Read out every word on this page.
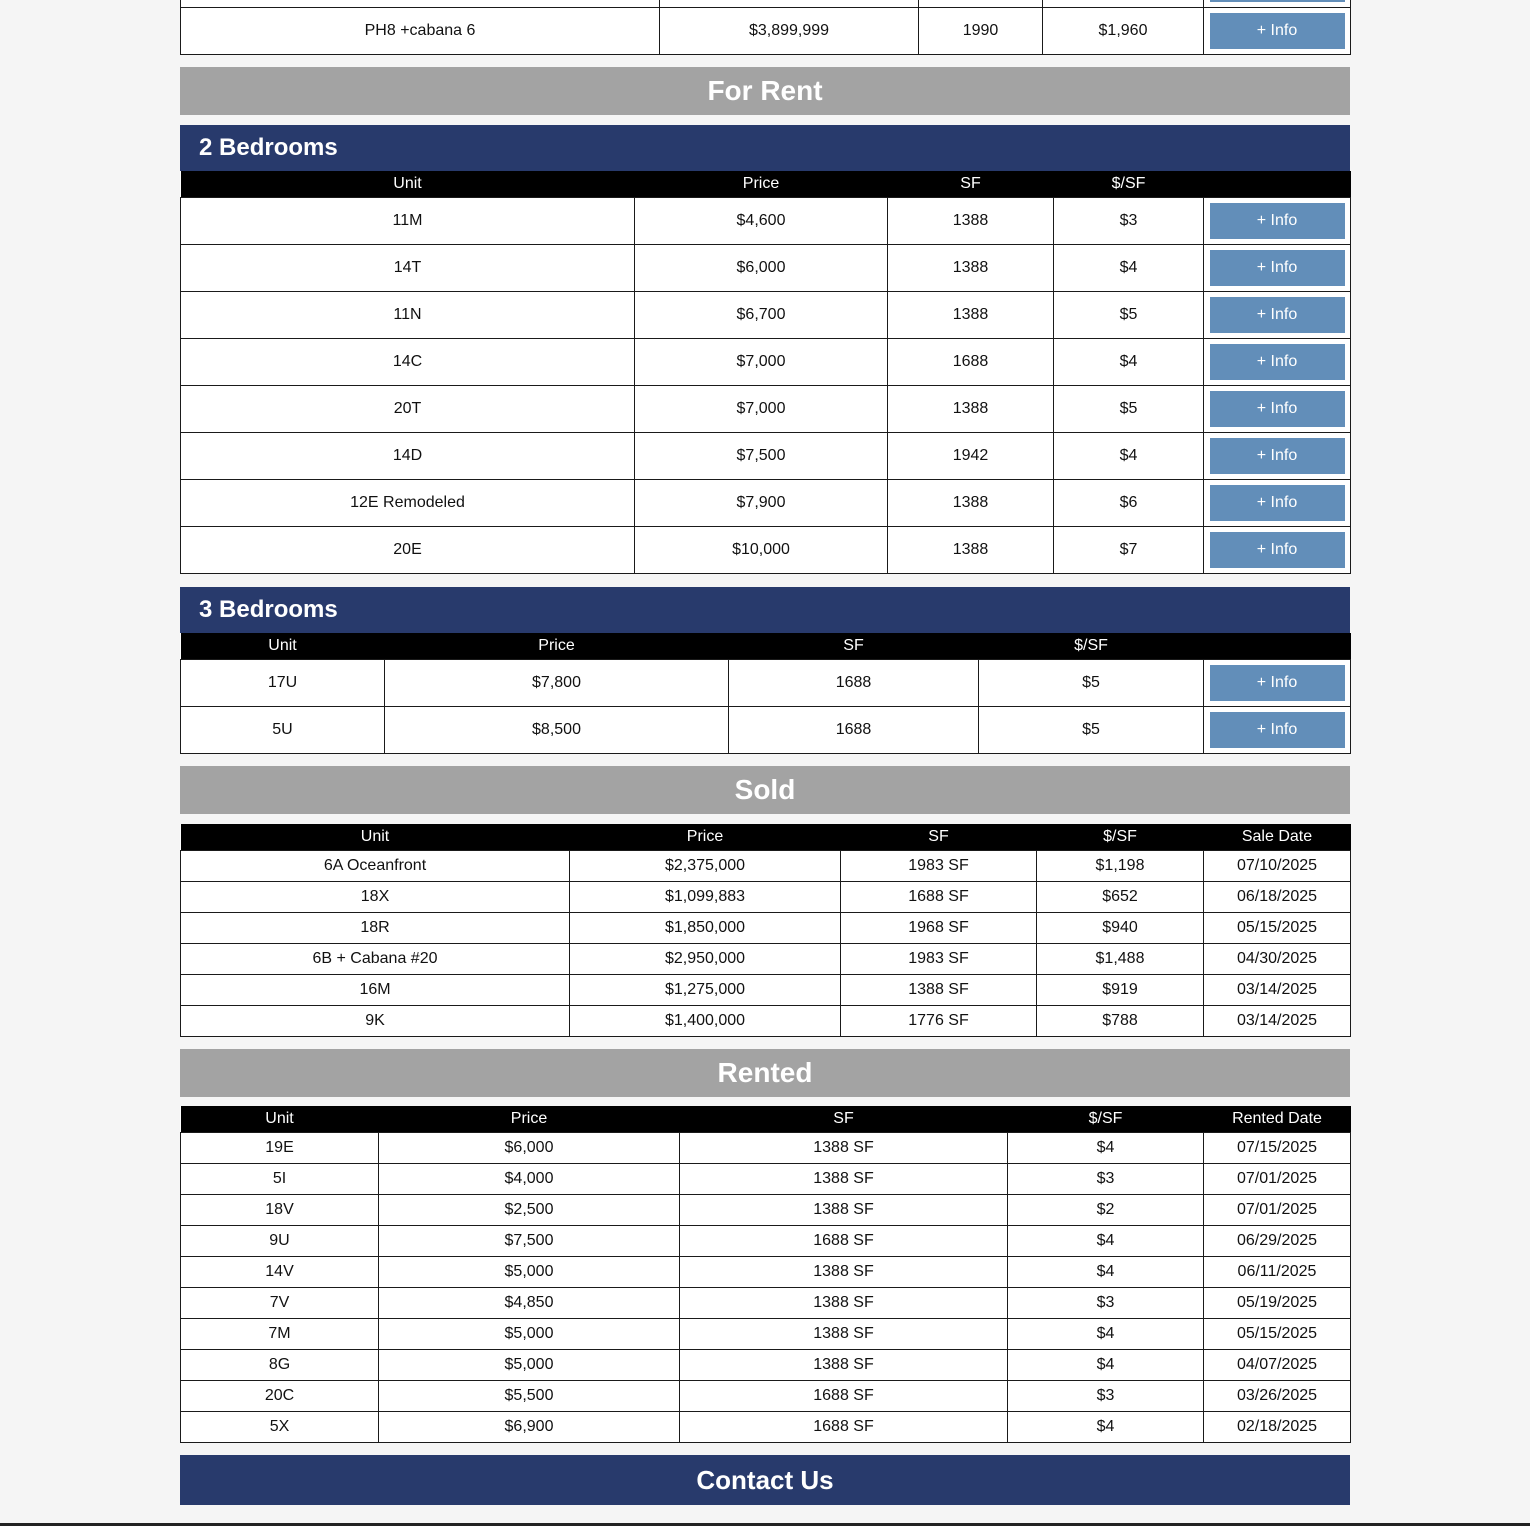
PH8 +cabana 6	$3,899,999	1990	$1,960	+ Info
For Rent
2 Bedrooms
Unit	Price	SF	$/SF	
11M	$4,600	1388	$3	+ Info

14T	$6,000	1388	$4	+ Info

11N	$6,700	1388	$5	+ Info

14C	$7,000	1688	$4	+ Info

20T	$7,000	1388	$5	+ Info

14D	$7,500	1942	$4	+ Info

12E Remodeled	$7,900	1388	$6	+ Info

20E	$10,000	1388	$7	+ Info
3 Bedrooms
Unit	Price	SF	$/SF	
17U	$7,800	1688	$5	+ Info

5U	$8,500	1688	$5	+ Info
Sold
Unit	Price	SF	$/SF	Sale Date
6A Oceanfront	$2,375,000	1983 SF	$1,198	07/10/2025
18X	$1,099,883	1688 SF	$652	06/18/2025
18R	$1,850,000	1968 SF	$940	05/15/2025
6B + Cabana #20	$2,950,000	1983 SF	$1,488	04/30/2025
16M	$1,275,000	1388 SF	$919	03/14/2025
9K	$1,400,000	1776 SF	$788	03/14/2025
Rented
Unit	Price	SF	$/SF	Rented Date
19E	$6,000	1388 SF	$4	07/15/2025
5I	$4,000	1388 SF	$3	07/01/2025
18V	$2,500	1388 SF	$2	07/01/2025
9U	$7,500	1688 SF	$4	06/29/2025
14V	$5,000	1388 SF	$4	06/11/2025
7V	$4,850	1388 SF	$3	05/19/2025
7M	$5,000	1388 SF	$4	05/15/2025
8G	$5,000	1388 SF	$4	04/07/2025
20C	$5,500	1688 SF	$3	03/26/2025
5X	$6,900	1688 SF	$4	02/18/2025
Contact Us
